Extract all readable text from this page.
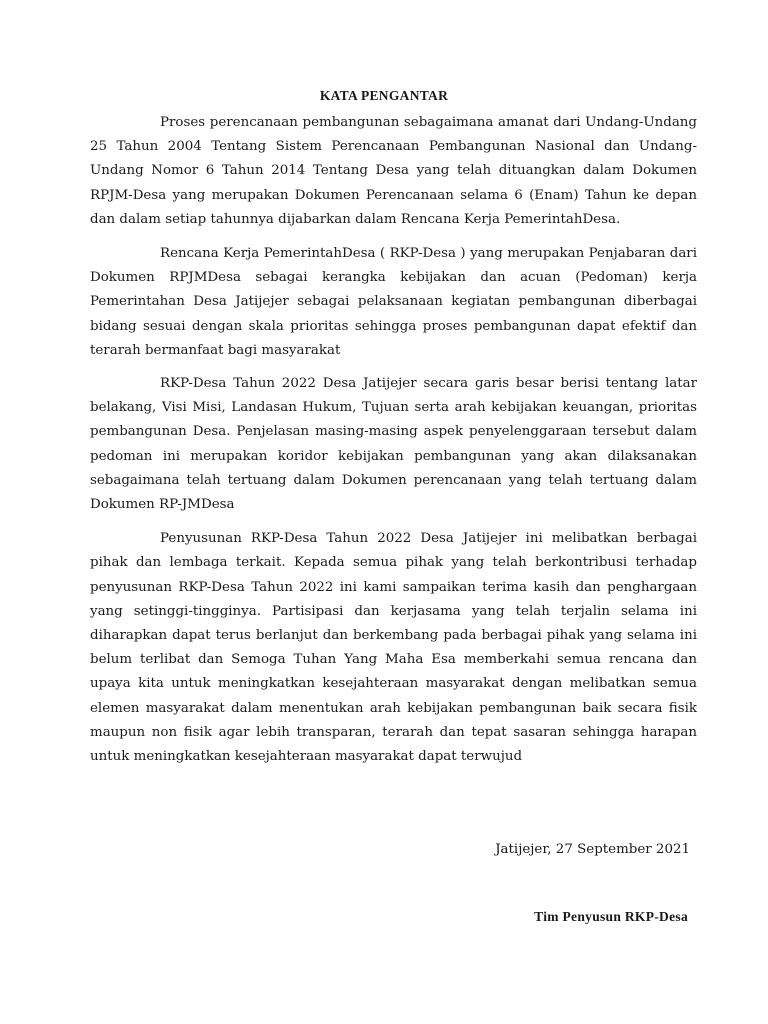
KATA PENGANTAR

Proses perencanaan pembangunan sebagaimana amanat dari Undang-Undang 25 Tahun 2004 Tentang Sistem Perencanaan Pembangunan Nasional dan Undang-Undang Nomor 6 Tahun 2014 Tentang Desa yang telah dituangkan dalam Dokumen RPJM-Desa yang merupakan Dokumen Perencanaan selama 6 (Enam) Tahun ke depan dan dalam setiap tahunnya dijabarkan dalam Rencana Kerja PemerintahDesa.

Rencana Kerja PemerintahDesa ( RKP-Desa ) yang merupakan Penjabaran dari Dokumen RPJMDesa sebagai kerangka kebijakan dan acuan (Pedoman) kerja Pemerintahan Desa Jatijejer sebagai pelaksanaan kegiatan pembangunan diberbagai bidang sesuai dengan skala prioritas sehingga proses pembangunan dapat efektif dan terarah bermanfaat bagi masyarakat

RKP-Desa Tahun 2022 Desa Jatijejer secara garis besar berisi tentang latar belakang, Visi Misi, Landasan Hukum, Tujuan serta arah kebijakan keuangan, prioritas pembangunan Desa. Penjelasan masing-masing aspek penyelenggaraan tersebut dalam pedoman ini merupakan koridor kebijakan pembangunan yang akan dilaksanakan sebagaimana telah tertuang dalam Dokumen perencanaan yang telah tertuang dalam Dokumen RP-JMDesa

Penyusunan RKP-Desa Tahun 2022 Desa Jatijejer ini melibatkan berbagai pihak dan lembaga terkait. Kepada semua pihak yang telah berkontribusi terhadap penyusunan RKP-Desa Tahun 2022 ini kami sampaikan terima kasih dan penghargaan yang setinggi-tingginya. Partisipasi dan kerjasama yang telah terjalin selama ini diharapkan dapat terus berlanjut dan berkembang pada berbagai pihak yang selama ini belum terlibat dan Semoga Tuhan Yang Maha Esa memberkahi semua rencana dan upaya kita untuk meningkatkan kesejahteraan masyarakat dengan melibatkan semua elemen masyarakat dalam menentukan arah kebijakan pembangunan baik secara fisik maupun non fisik agar lebih transparan, terarah dan tepat sasaran sehingga harapan untuk meningkatkan kesejahteraan masyarakat dapat terwujud

Jatijejer, 27 September 2021
Tim Penyusun RKP-Desa
